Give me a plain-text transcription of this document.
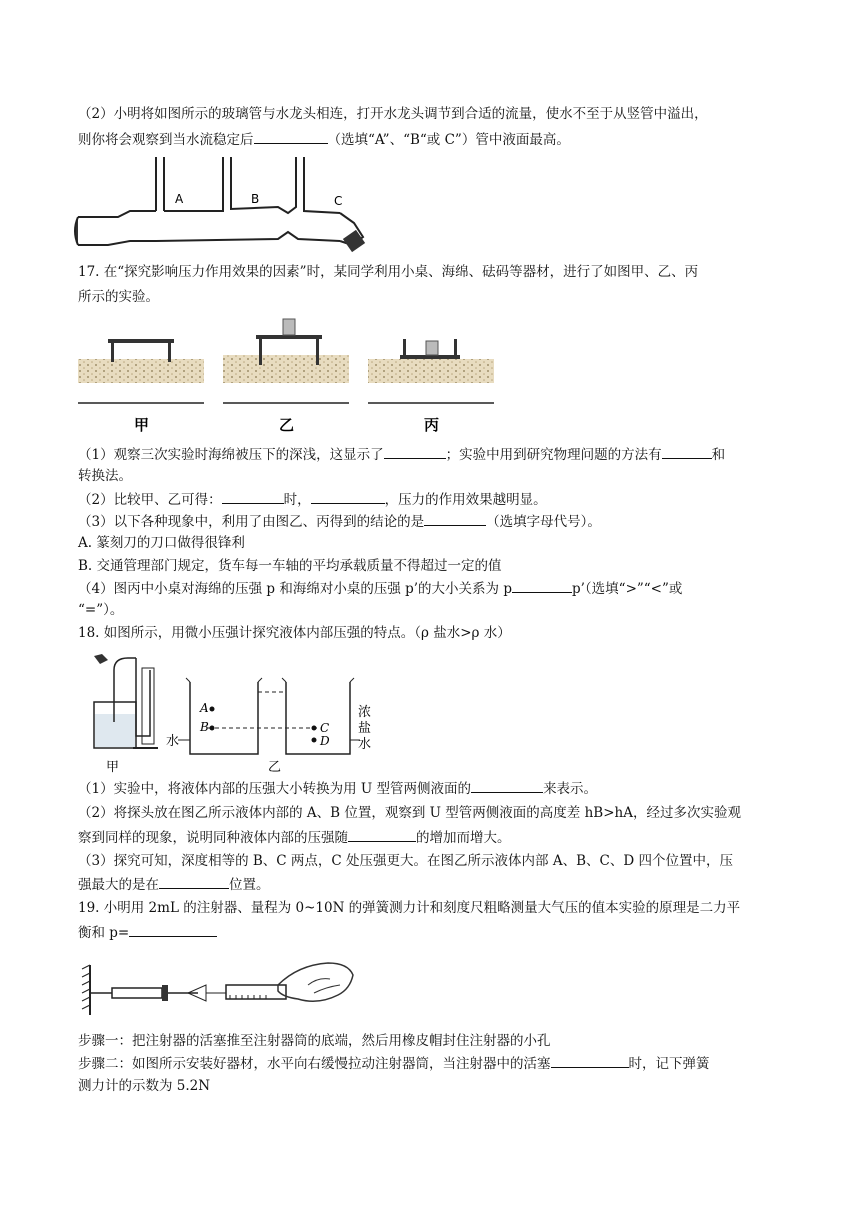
（2）小明将如图所示的玻璃管与水龙头相连，打开水龙头调节到合适的流量，使水不至于从竖管中溢出，
则你将会观察到当水流稳定后	（选填“A”、“B“或 C”）管中液面最高。
A	B	C
17. 在“探究影响压力作用效果的因素”时，某同学利用小桌、海绵、砝码等器材，进行了如图甲、乙、丙
所示的实验。
甲	乙	丙
（1）观察三次实验时海绵被压下的深浅，这显示了	；实验中用到研究物理问题的方法有	和
转换法。
（2）比较甲、乙可得：	时，	，压力的作用效果越明显。
（3）以下各种现象中，利用了由图乙、丙得到的结论的是	（选填字母代号）。
A. 篆刻刀的刀口做得很锋利
B. 交通管理部门规定，货车每一车轴的平均承载质量不得超过一定的值
（4）图丙中小桌对海绵的压强 p 和海绵对小桌的压强 p’的大小关系为 p	p’（选填“>”“<”或
“=”）。
18. 如图所示，用微小压强计探究液体内部压强的特点。（ρ 盐水>ρ 水）
甲
A
B	C
D
水
浓
盐
水
乙
（1）实验中，将液体内部的压强大小转换为用 U 型管两侧液面的	来表示。
（2）将探头放在图乙所示液体内部的 A、B 位置，观察到 U 型管两侧液面的高度差 hB>hA，经过多次实验观
察到同样的现象，说明同种液体内部的压强随	的增加而增大。
（3）探究可知，深度相等的 B、C 两点，C 处压强更大。在图乙所示液体内部 A、B、C、D 四个位置中，压
强最大的是在	位置。
19. 小明用 2mL 的注射器、量程为 0~10N 的弹簧测力计和刻度尺粗略测量大气压的值本实验的原理是二力平
衡和 p=
步骤一：把注射器的活塞推至注射器筒的底端，然后用橡皮帽封住注射器的小孔
步骤二：如图所示安装好器材，水平向右缓慢拉动注射器筒，当注射器中的活塞	时，记下弹簧
测力计的示数为 5.2N
